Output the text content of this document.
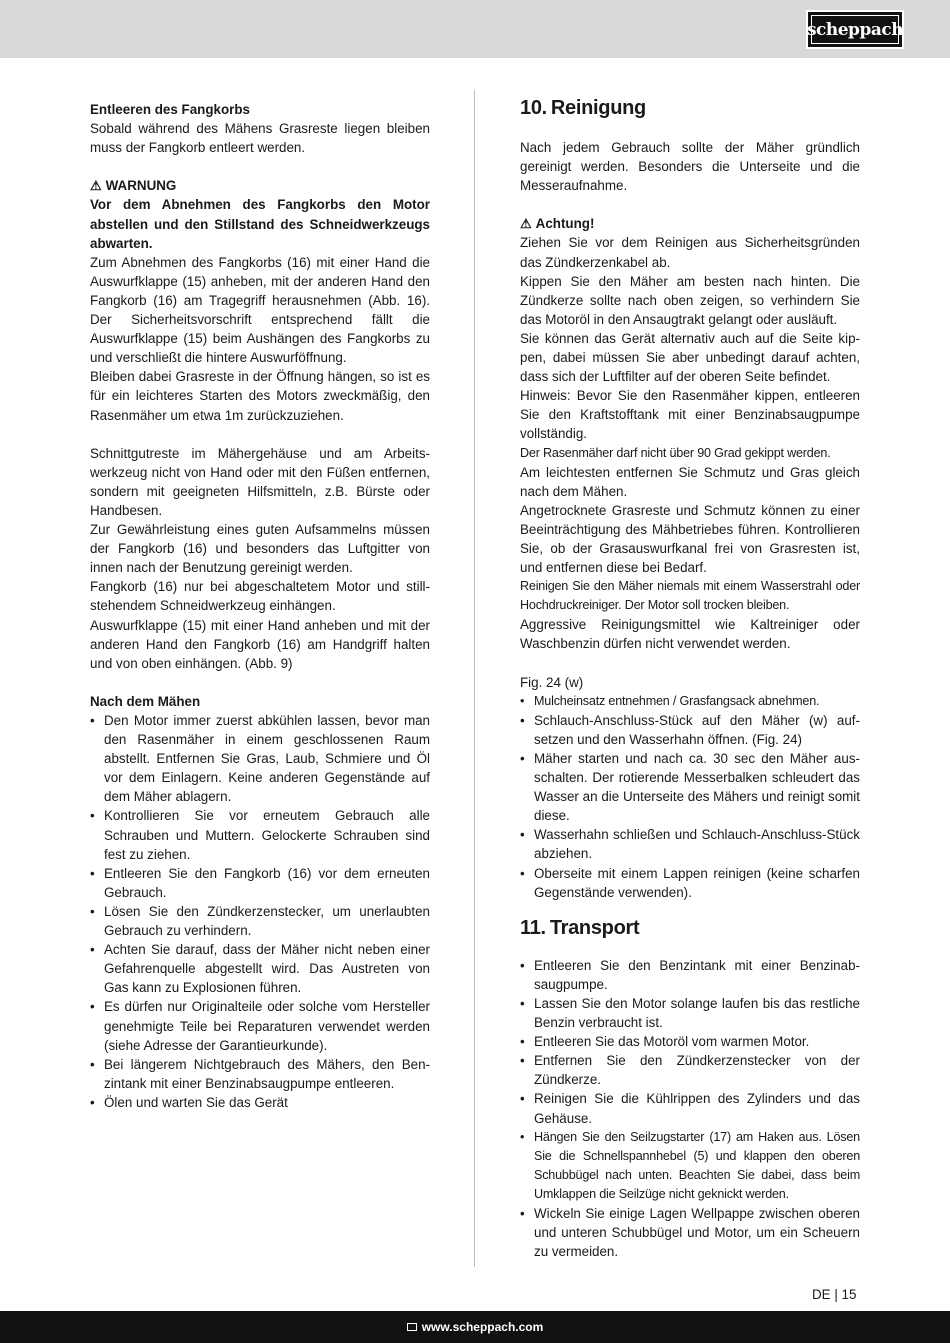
scheppach

Entleeren des Fangkorbs

Sobald während des Mähens Grasreste liegen bleiben muss der Fangkorb entleert werden.

⚠ WARNUNG

Vor dem Abnehmen des Fangkorbs den Motor abstellen und den Stillstand des Schneidwerkzeugs abwarten.

Zum Abnehmen des Fangkorbs (16) mit einer Hand die Auswurfklappe (15) anheben, mit der anderen Hand den Fangkorb (16) am Tragegriff herausnehmen (Abb. 16). Der Sicherheitsvorschrift entsprechend fällt die Auswurfklappe (15) beim Aushängen des Fangkorbs zu und verschließt die hintere Auswurföffnung.

Bleiben dabei Grasreste in der Öffnung hängen, so ist es für ein leichteres Starten des Motors zweckmäßig, den Rasenmäher um etwa 1m zurückzuziehen.

Schnittgutreste im Mähergehäuse und am Arbeitswerkzeug nicht von Hand oder mit den Füßen entfernen, sondern mit geeigneten Hilfsmitteln, z.B. Bürste oder Handbesen.

Zur Gewährleistung eines guten Aufsammelns müssen der Fangkorb (16) und besonders das Luftgitter von innen nach der Benutzung gereinigt werden.

Fangkorb (16) nur bei abgeschaltetem Motor und stillstehendem Schneidwerkzeug einhängen.

Auswurfklappe (15) mit einer Hand anheben und mit der anderen Hand den Fangkorb (16) am Handgriff halten und von oben einhängen. (Abb. 9)

Nach dem Mähen

• Den Motor immer zuerst abkühlen lassen, bevor man den Rasenmäher in einem geschlossenen Raum abstellt. Entfernen Sie Gras, Laub, Schmiere und Öl vor dem Einlagern. Keine anderen Gegenstände auf dem Mäher ablagern.
• Kontrollieren Sie vor erneutem Gebrauch alle Schrauben und Muttern. Gelockerte Schrauben sind fest zu ziehen.
• Entleeren Sie den Fangkorb (16) vor dem erneuten Gebrauch.
• Lösen Sie den Zündkerzenstecker, um unerlaubten Gebrauch zu verhindern.
• Achten Sie darauf, dass der Mäher nicht neben einer Gefahrenquelle abgestellt wird. Das Austreten von Gas kann zu Explosionen führen.
• Es dürfen nur Originalteile oder solche vom Hersteller genehmigte Teile bei Reparaturen verwendet werden (siehe Adresse der Garantieurkunde).
• Bei längerem Nichtgebrauch des Mähers, den Benzintank mit einer Benzinabsaugpumpe entleeren.
• Ölen und warten Sie das Gerät
10. Reinigung

Nach jedem Gebrauch sollte der Mäher gründlich gereinigt werden. Besonders die Unterseite und die Messeraufnahme.

⚠ Achtung!

Ziehen Sie vor dem Reinigen aus Sicherheitsgründen das Zündkerzenkabel ab.

Kippen Sie den Mäher am besten nach hinten. Die Zündkerze sollte nach oben zeigen, so verhindern Sie das Motoröl in den Ansaugtrakt gelangt oder ausläuft.

Sie können das Gerät alternativ auch auf die Seite kippen, dabei müssen Sie aber unbedingt darauf achten, dass sich der Luftfilter auf der oberen Seite befindet.

Hinweis: Bevor Sie den Rasenmäher kippen, entleeren Sie den Kraftstofftank mit einer Benzinabsaugpumpe vollständig.

Der Rasenmäher darf nicht über 90 Grad gekippt werden.

Am leichtesten entfernen Sie Schmutz und Gras gleich nach dem Mähen.

Angetrocknete Grasreste und Schmutz können zu einer Beeinträchtigung des Mähbetriebes führen. Kontrollieren Sie, ob der Grasauswurfkanal frei von Grasresten ist, und entfernen diese bei Bedarf.

Reinigen Sie den Mäher niemals mit einem Wasserstrahl oder Hochdruckreiniger. Der Motor soll trocken bleiben.

Aggressive Reinigungsmittel wie Kaltreiniger oder Waschbenzin dürfen nicht verwendet werden.

Fig. 24 (w)

• Mulcheinsatz entnehmen / Grasfangsack abnehmen.
• Schlauch-Anschluss-Stück auf den Mäher (w) aufsetzen und den Wasserhahn öffnen. (Fig. 24)
• Mäher starten und nach ca. 30 sec den Mäher ausschalten. Der rotierende Messerbalken schleudert das Wasser an die Unterseite des Mähers und reinigt somit diese.
• Wasserhahn schließen und Schlauch-Anschluss-Stück abziehen.
• Oberseite mit einem Lappen reinigen (keine scharfen Gegenstände verwenden).
11. Transport
• Entleeren Sie den Benzintank mit einer Benzinabsaugpumpe.
• Lassen Sie den Motor solange laufen bis das restliche Benzin verbraucht ist.
• Entleeren Sie das Motoröl vom warmen Motor.
• Entfernen Sie den Zündkerzenstecker von der Zündkerze.
• Reinigen Sie die Kühlrippen des Zylinders und das Gehäuse.
• Hängen Sie den Seilzugstarter (17) am Haken aus. Lösen Sie die Schnellspannhebel (5) und klappen den oberen Schubbügel nach unten. Beachten Sie dabei, dass beim Umklappen die Seilzüge nicht geknickt werden.
• Wickeln Sie einige Lagen Wellpappe zwischen oberen und unteren Schubbügel und Motor, um ein Scheuern zu vermeiden.
DE | 15
www.scheppach.com
